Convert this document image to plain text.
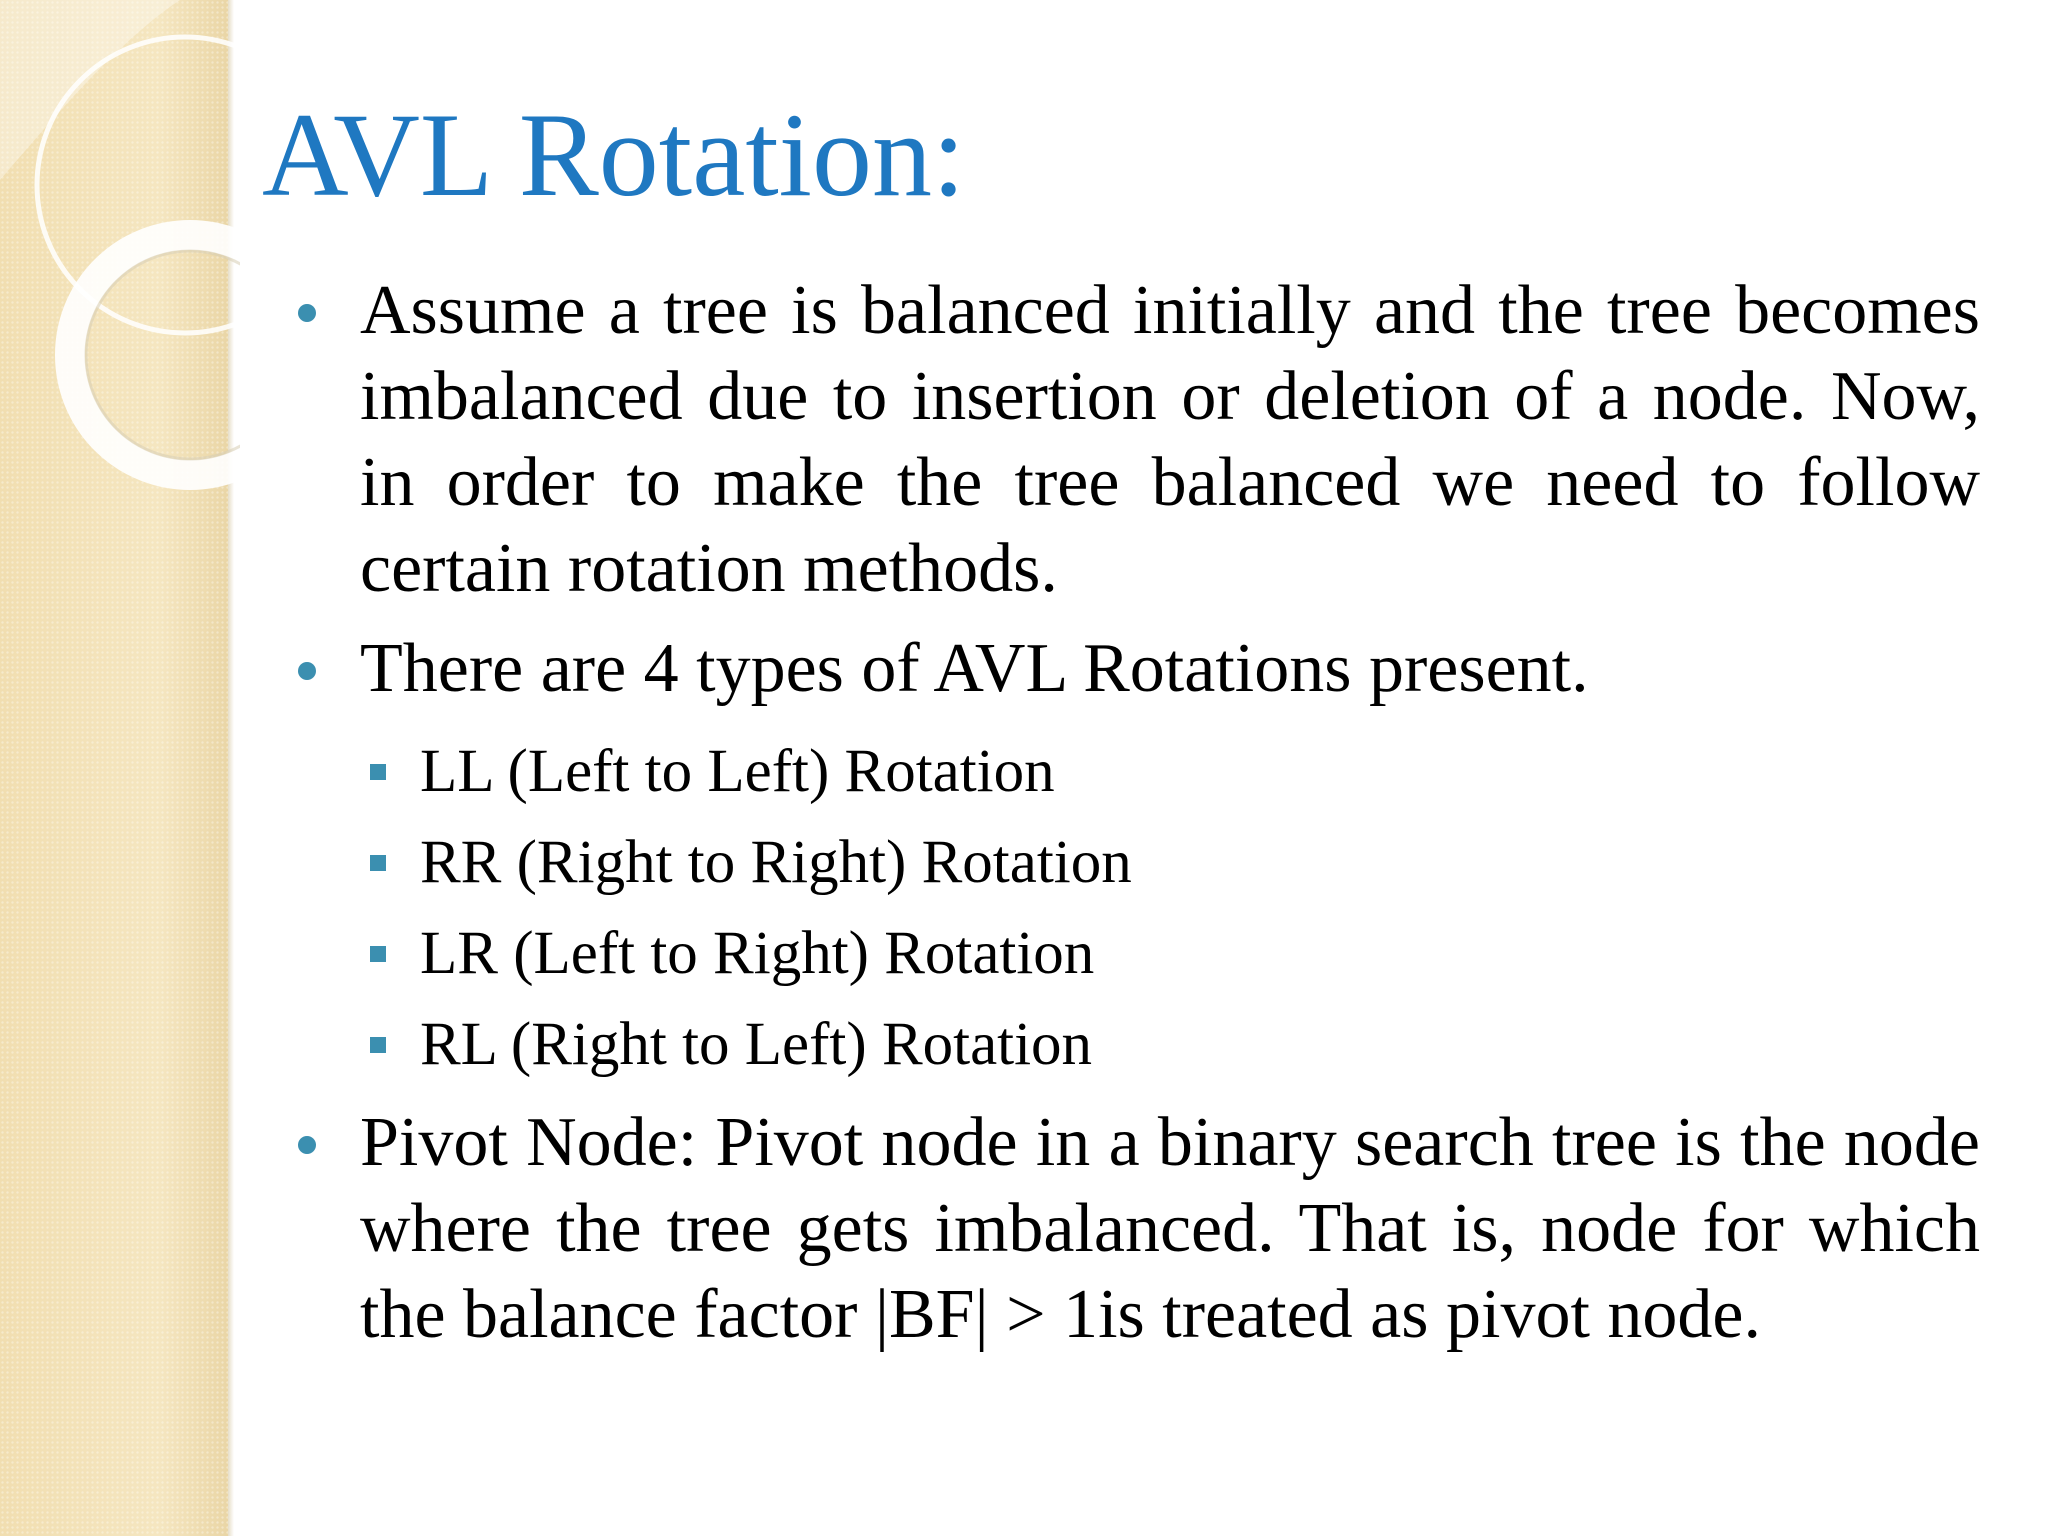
AVL Rotation:
Assume a tree is balanced initially and the tree becomes imbalanced due to insertion or deletion of a node. Now, in order to make the tree balanced we need to follow certain rotation methods.
There are 4 types of AVL Rotations present.
LL (Left to Left) Rotation
RR (Right to Right) Rotation
LR (Left to Right) Rotation
RL (Right to Left) Rotation
Pivot Node: Pivot node in a binary search tree is the node where the tree gets imbalanced. That is, node for which the balance factor |BF| > 1is treated as pivot node.
